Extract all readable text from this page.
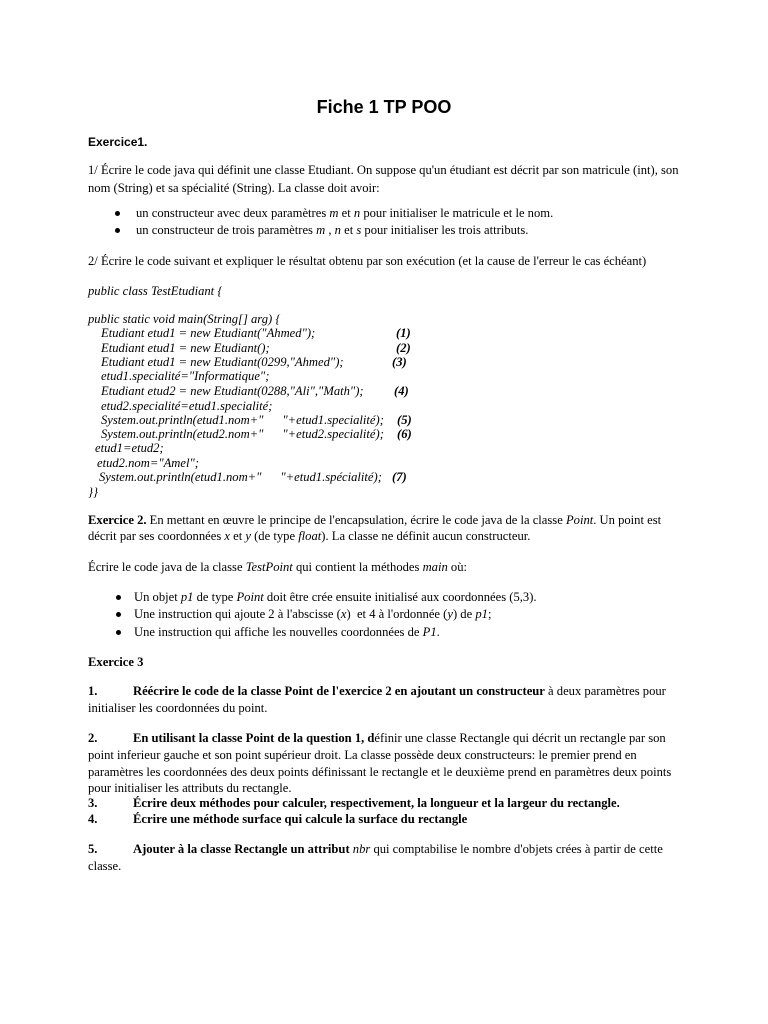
Fiche 1 TP POO
Exercice1.
1/ Écrire le code java qui définit une classe Etudiant. On suppose qu'un étudiant est décrit par son matricule (int), son
nom (String) et sa spécialité (String). La classe doit avoir:
un constructeur avec deux paramètres m et n pour initialiser le matricule et le nom.
un constructeur de trois paramètres m , n et s pour initialiser les trois attributs.
2/ Écrire le code suivant et expliquer le résultat obtenu par son exécution (et la cause de l'erreur le cas échéant)
public class TestEtudiant {
public static void main(String[] arg) {
Etudiant etud1 = new Etudiant("Ahmed");	(1)
Etudiant etud1 = new Etudiant();	(2)
Etudiant etud1 = new Etudiant(0299,"Ahmed");	(3)
etud1.specialité="Informatique";
Etudiant etud2 = new Etudiant(0288,"Ali","Math"); (4)
etud2.specialité=etud1.specialité;
System.out.println(etud1.nom+"      "+etud1.specialité); (5)
System.out.println(etud2.nom+"      "+etud2.specialité); (6)
etud1=etud2;
etud2.nom="Amel";
System.out.println(etud1.nom+"      "+etud1.spécialité); (7)
}}
Exercice 2. En mettant en œuvre le principe de l'encapsulation, écrire le code java de la classe Point. Un point est
décrit par ses coordonnées x et y (de type float). La classe ne définit aucun constructeur.
Écrire le code java de la classe TestPoint qui contient la méthodes main où:
Un objet p1 de type Point doit être crée ensuite initialisé aux coordonnées (5,3).
Une instruction qui ajoute 2 à l'abscisse (x)  et 4 à l'ordonnée (y) de p1;
Une instruction qui affiche les nouvelles coordonnées de P1.
Exercice 3
1.	Réécrire le code de la classe Point de l'exercice 2 en ajoutant un constructeur à deux paramètres pour
initialiser les coordonnées du point.
2.	En utilisant la classe Point de la question 1, définir une classe Rectangle qui décrit un rectangle par son
point inferieur gauche et son point supérieur droit. La classe possède deux constructeurs: le premier prend en
paramètres les coordonnées des deux points définissant le rectangle et le deuxième prend en paramètres deux points
pour initialiser les attributs du rectangle.
3.	Écrire deux méthodes pour calculer, respectivement, la longueur et la largeur du rectangle.
4.	Écrire une méthode surface qui calcule la surface du rectangle
5.	Ajouter à la classe Rectangle un attribut nbr qui comptabilise le nombre d'objets crées à partir de cette
classe.
